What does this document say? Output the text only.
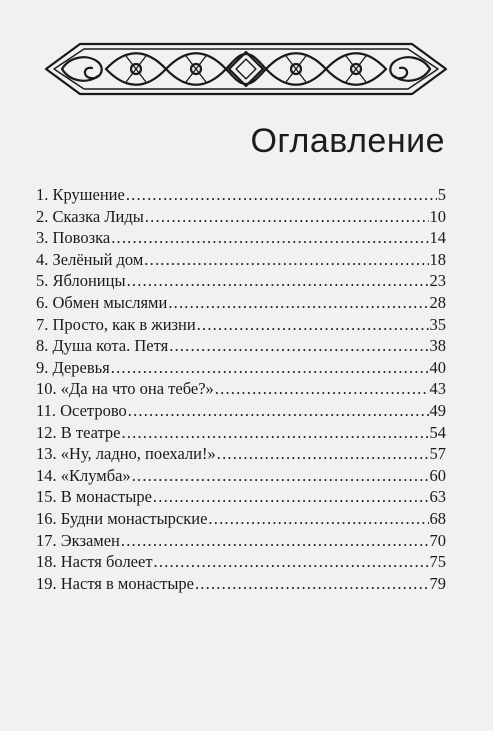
Оглавление
1. Крушение .....	5
2. Сказка Лиды .....	10
3. Повозка .....	14
4. Зелёный дом .....	18
5. Яблоницы .....	23
6. Обмен мыслями .....	28
7. Просто, как в жизни .....	35
8. Душа кота. Петя .....	38
9. Деревья .....	40
10. «Да на что она тебе?» .....	43
11. Осетрово .....	49
12. В театре .....	54
13. «Ну, ладно, поехали!» .....	57
14. «Клумба» .....	60
15. В монастыре .....	63
16. Будни монастырские .....	68
17. Экзамен .....	70
18. Настя болеет .....	75
19. Настя в монастыре .....	79
